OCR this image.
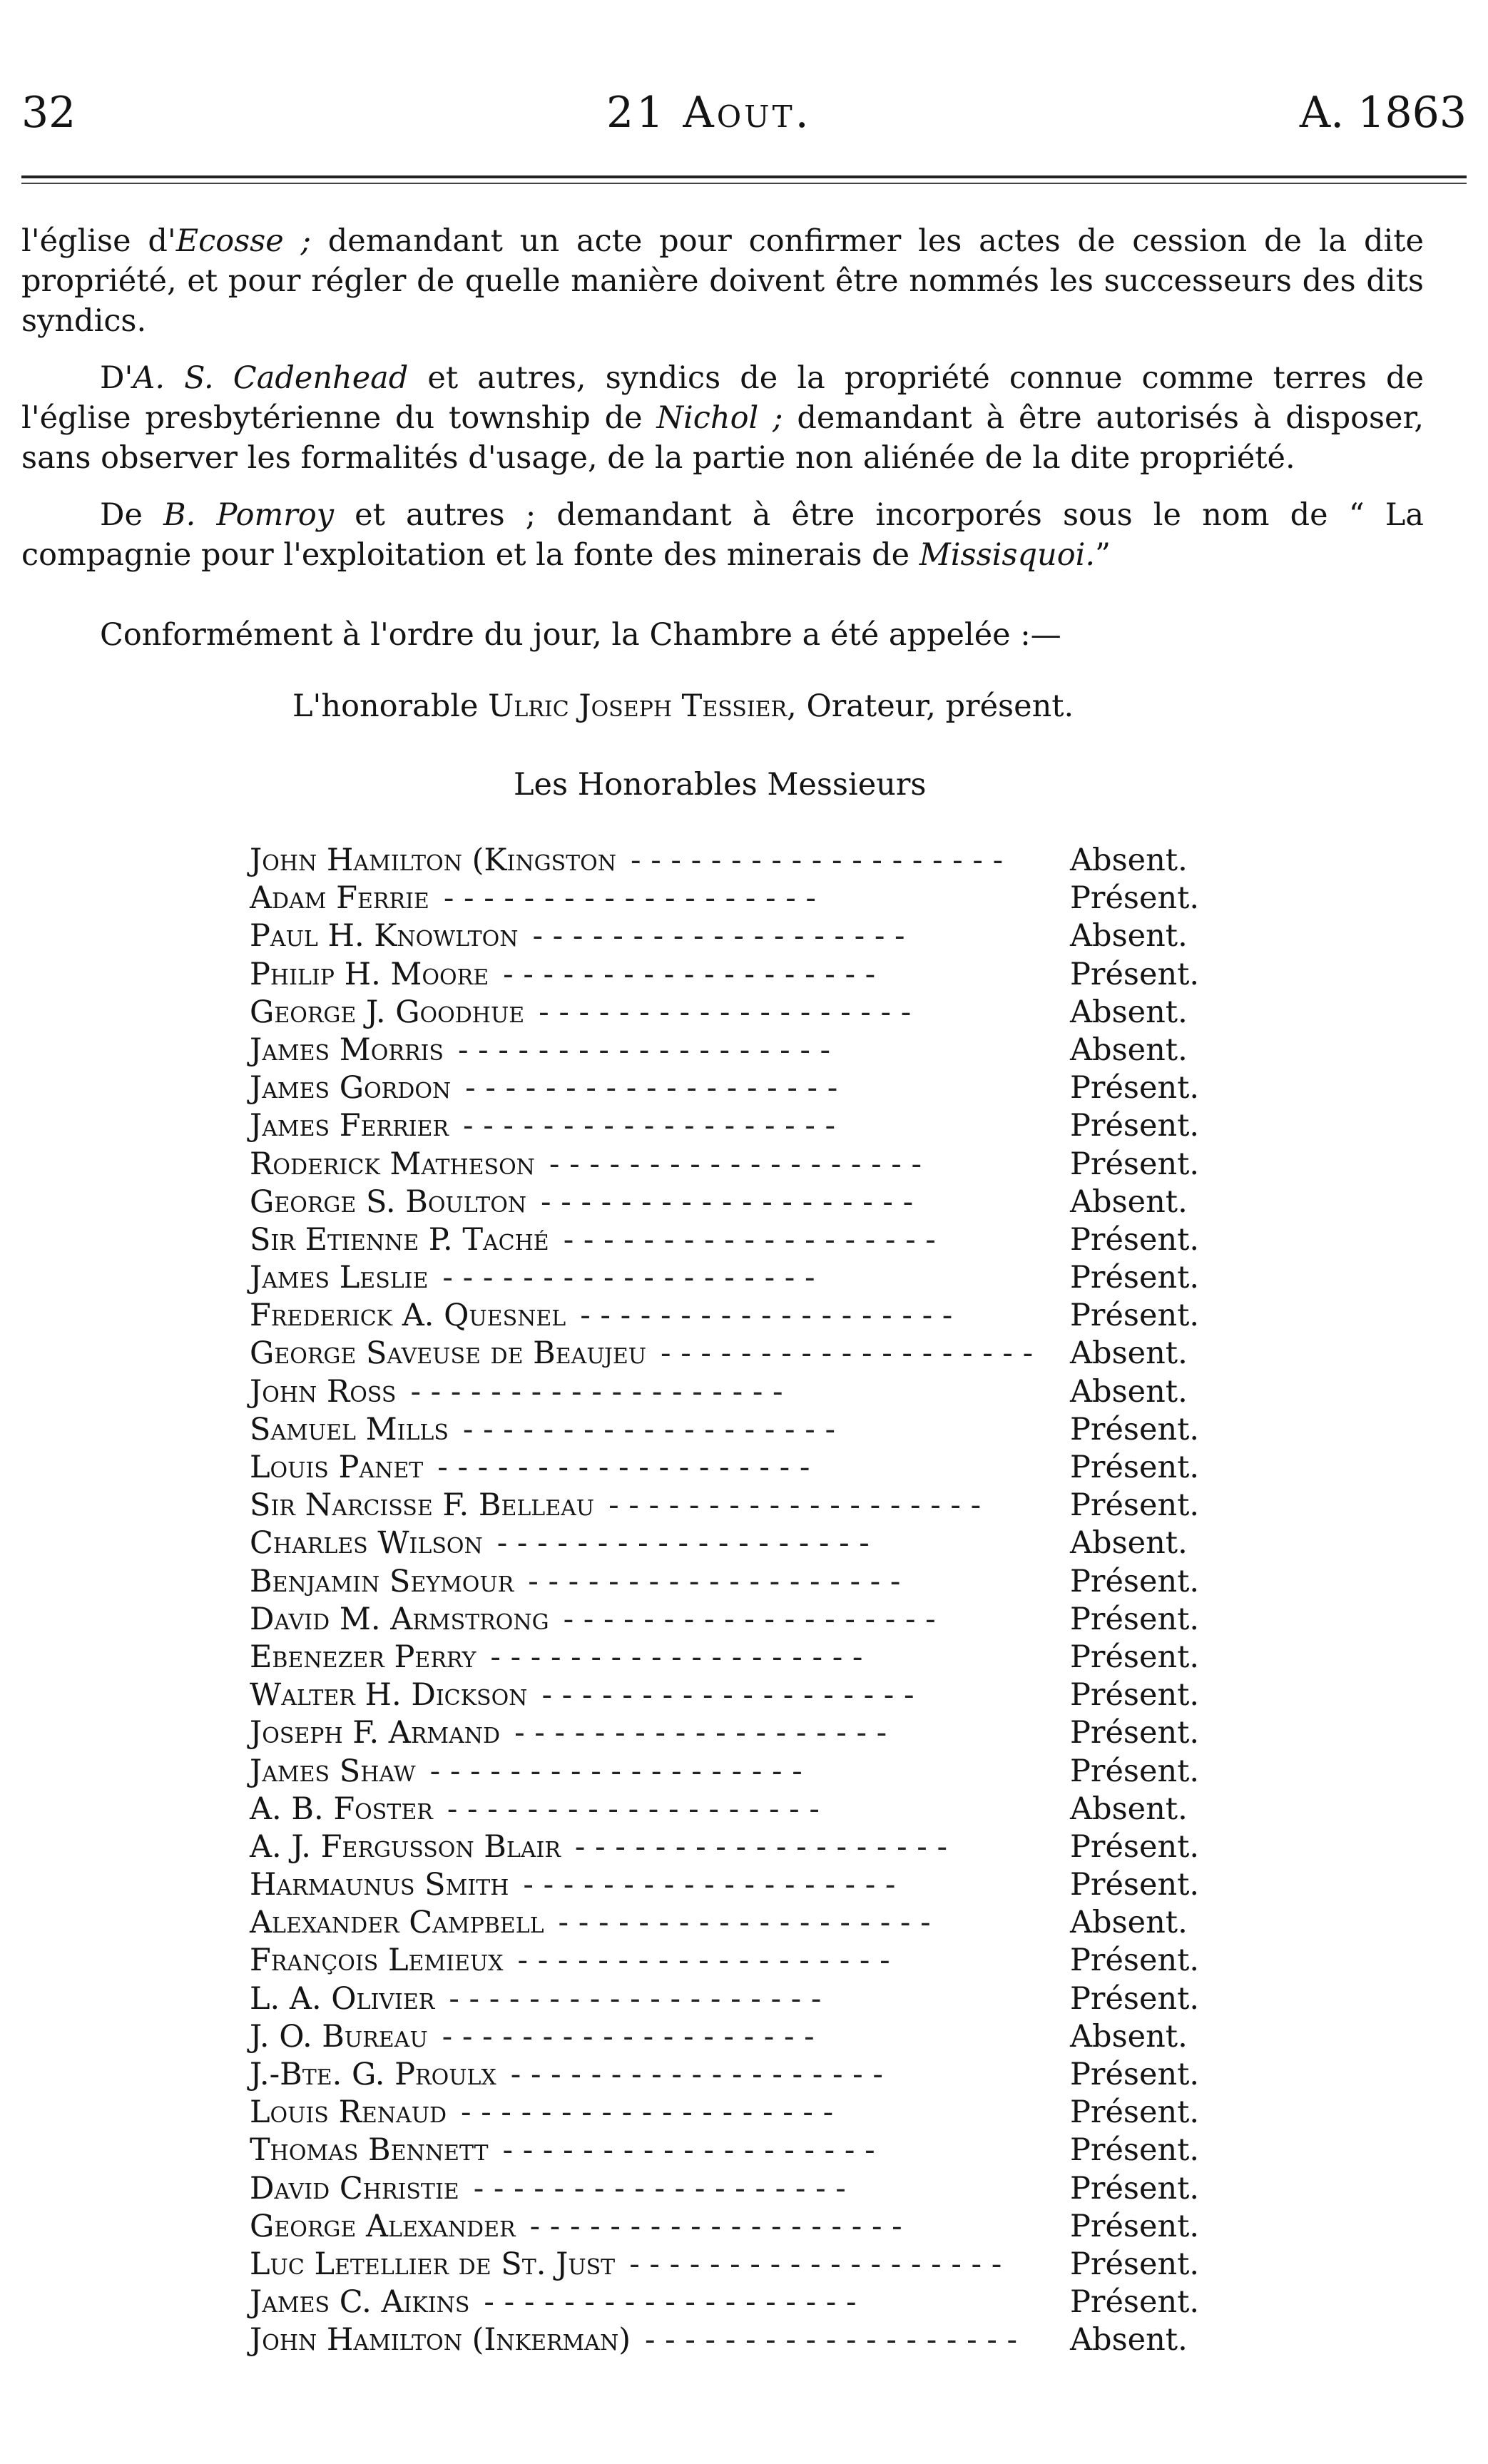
32	21 Aout.	A. 1863

l'église d'Ecosse ; demandant un acte pour confirmer les actes de cession de la dite propriété, et pour régler de quelle manière doivent être nommés les successeurs des dits syndics.

D'A. S. Cadenhead et autres, syndics de la propriété connue comme terres de l'église presbytérienne du township de Nichol ; demandant à être autorisés à disposer, sans observer les formalités d'usage, de la partie non aliénée de la dite propriété.

De B. Pomroy et autres ; demandant à être incorporés sous le nom de “ La compagnie pour l'exploitation et la fonte des minerais de Missisquoi.”

Conformément à l'ordre du jour, la Chambre a été appelée :—
L'honorable Ulric Joseph Tessier, Orateur, présent.
Les Honorables Messieurs
John Hamilton (Kingston - - - - - - - - - - - - - - - - - - -	Absent.
Adam Ferrie - - - - - - - - - - - - - - - - - - -	Présent.
Paul H. Knowlton - - - - - - - - - - - - - - - - - - -	Absent.
Philip H. Moore - - - - - - - - - - - - - - - - - - -	Présent.
George J. Goodhue - - - - - - - - - - - - - - - - - - -	Absent.
James Morris - - - - - - - - - - - - - - - - - - -	Absent.
James Gordon - - - - - - - - - - - - - - - - - - -	Présent.
James Ferrier - - - - - - - - - - - - - - - - - - -	Présent.
Roderick Matheson - - - - - - - - - - - - - - - - - - -	Présent.
George S. Boulton - - - - - - - - - - - - - - - - - - -	Absent.
Sir Etienne P. Taché - - - - - - - - - - - - - - - - - - -	Présent.
James Leslie - - - - - - - - - - - - - - - - - - -	Présent.
Frederick A. Quesnel - - - - - - - - - - - - - - - - - - -	Présent.
George Saveuse de Beaujeu - - - - - - - - - - - - - - - - - - -	Absent.
John Ross - - - - - - - - - - - - - - - - - - -	Absent.
Samuel Mills - - - - - - - - - - - - - - - - - - -	Présent.
Louis Panet - - - - - - - - - - - - - - - - - - -	Présent.
Sir Narcisse F. Belleau - - - - - - - - - - - - - - - - - - -	Présent.
Charles Wilson - - - - - - - - - - - - - - - - - - -	Absent.
Benjamin Seymour - - - - - - - - - - - - - - - - - - -	Présent.
David M. Armstrong - - - - - - - - - - - - - - - - - - -	Présent.
Ebenezer Perry - - - - - - - - - - - - - - - - - - -	Présent.
Walter H. Dickson - - - - - - - - - - - - - - - - - - -	Présent.
Joseph F. Armand - - - - - - - - - - - - - - - - - - -	Présent.
James Shaw - - - - - - - - - - - - - - - - - - -	Présent.
A. B. Foster - - - - - - - - - - - - - - - - - - -	Absent.
A. J. Fergusson Blair - - - - - - - - - - - - - - - - - - -	Présent.
Harmaunus Smith - - - - - - - - - - - - - - - - - - -	Présent.
Alexander Campbell - - - - - - - - - - - - - - - - - - -	Absent.
François Lemieux - - - - - - - - - - - - - - - - - - -	Présent.
L. A. Olivier - - - - - - - - - - - - - - - - - - -	Présent.
J. O. Bureau - - - - - - - - - - - - - - - - - - -	Absent.
J.-Bte. G. Proulx - - - - - - - - - - - - - - - - - - -	Présent.
Louis Renaud - - - - - - - - - - - - - - - - - - -	Présent.
Thomas Bennett - - - - - - - - - - - - - - - - - - -	Présent.
David Christie - - - - - - - - - - - - - - - - - - -	Présent.
George Alexander - - - - - - - - - - - - - - - - - - -	Présent.
Luc Letellier de St. Just - - - - - - - - - - - - - - - - - - -	Présent.
James C. Aikins - - - - - - - - - - - - - - - - - - -	Présent.
John Hamilton (Inkerman) - - - - - - - - - - - - - - - - - - -	Absent.
